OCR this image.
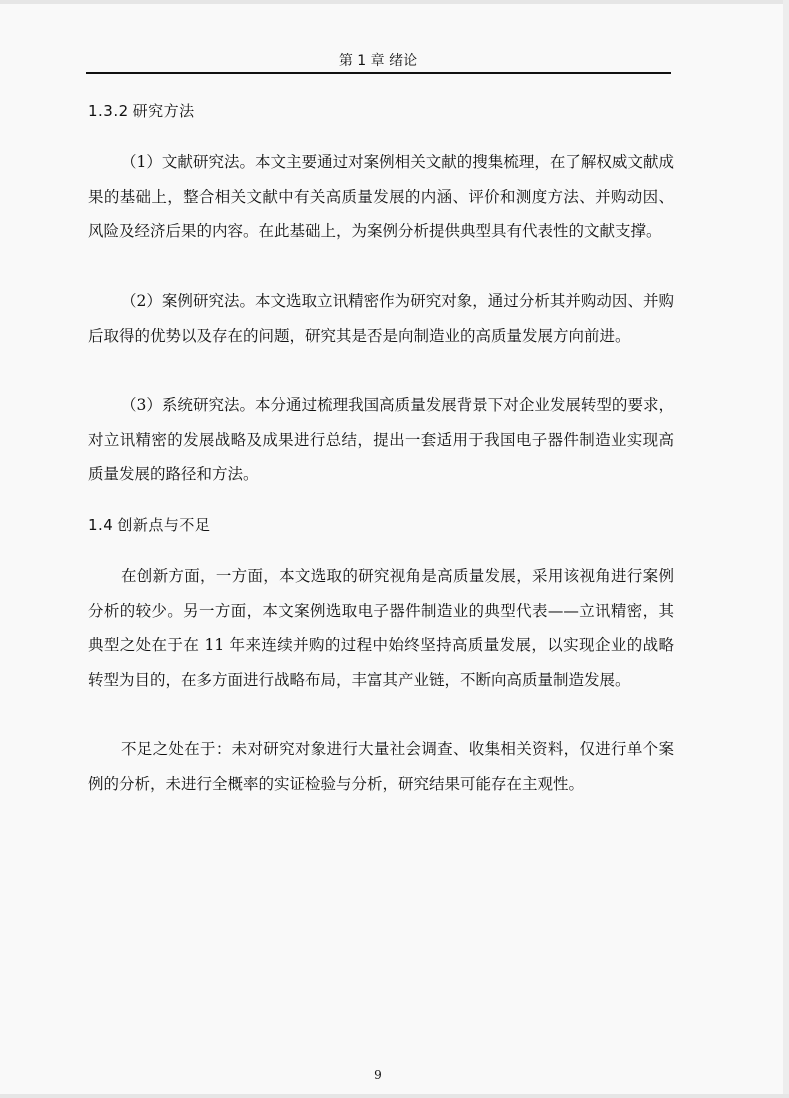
第 1 章 绪论
1.3.2 研究方法

（1）文献研究法。本文主要通过对案例相关文献的搜集梳理，在了解权威文献成果的基础上，整合相关文献中有关高质量发展的内涵、评价和测度方法、并购动因、风险及经济后果的内容。在此基础上，为案例分析提供典型具有代表性的文献支撑。

（2）案例研究法。本文选取立讯精密作为研究对象，通过分析其并购动因、并购后取得的优势以及存在的问题，研究其是否是向制造业的高质量发展方向前进。

（3）系统研究法。本分通过梳理我国高质量发展背景下对企业发展转型的要求，对立讯精密的发展战略及成果进行总结，提出一套适用于我国电子器件制造业实现高质量发展的路径和方法。

1.4 创新点与不足

在创新方面，一方面，本文选取的研究视角是高质量发展，采用该视角进行案例分析的较少。另一方面，本文案例选取电子器件制造业的典型代表——立讯精密，其典型之处在于在 11 年来连续并购的过程中始终坚持高质量发展，以实现企业的战略转型为目的，在多方面进行战略布局，丰富其产业链，不断向高质量制造发展。

不足之处在于：未对研究对象进行大量社会调查、收集相关资料，仅进行单个案例的分析，未进行全概率的实证检验与分析，研究结果可能存在主观性。

9
